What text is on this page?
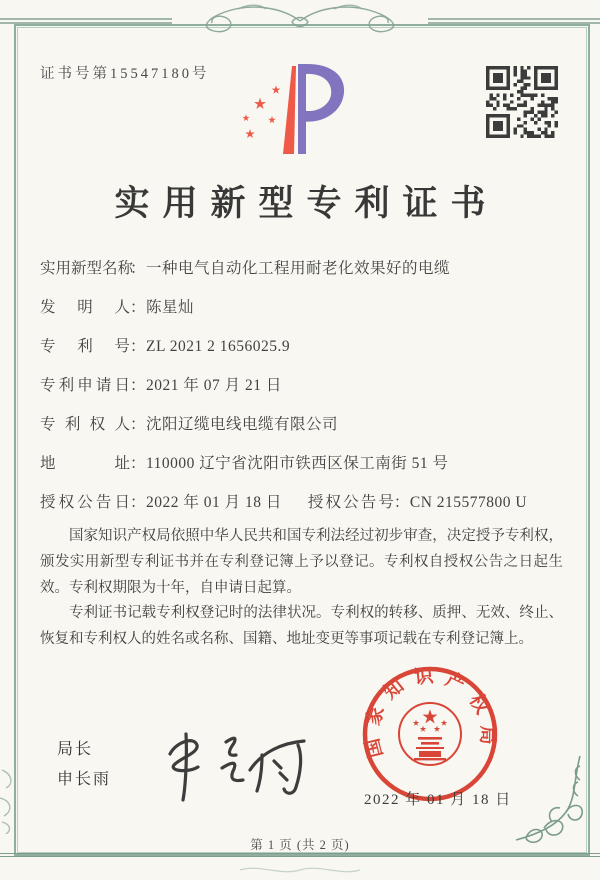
证书号第15547180号
实用新型专利证书
实用新型名称
： 一种电气自动化工程用耐老化效果好的电缆
发明人 ： 陈星灿
专利号 ： ZL 2021 2 1656025.9
专利申请日 ： 2021 年 07 月 21 日
专利权人 ： 沈阳辽缆电线电缆有限公司
地址 ： 110000 辽宁省沈阳市铁西区保工南街 51 号
授权公告日 ： 2022 年 01 月 18 日 授权公告号 ： CN 215577800 U

国家知识产权局依照中华人民共和国专利法经过初步审查，决定授予专利权，颁发实用新型专利证书并在专利登记簿上予以登记。专利权自授权公告之日起生效。专利权期限为十年，自申请日起算。

专利证书记载专利权登记时的法律状况。专利权的转移、质押、无效、终止、恢复和专利权人的姓名或名称、国籍、地址变更等事项记载在专利登记簿上。

局长
申长雨
国家知识产权局
2022 年 01 月 18 日
第 1 页 (共 2 页)
